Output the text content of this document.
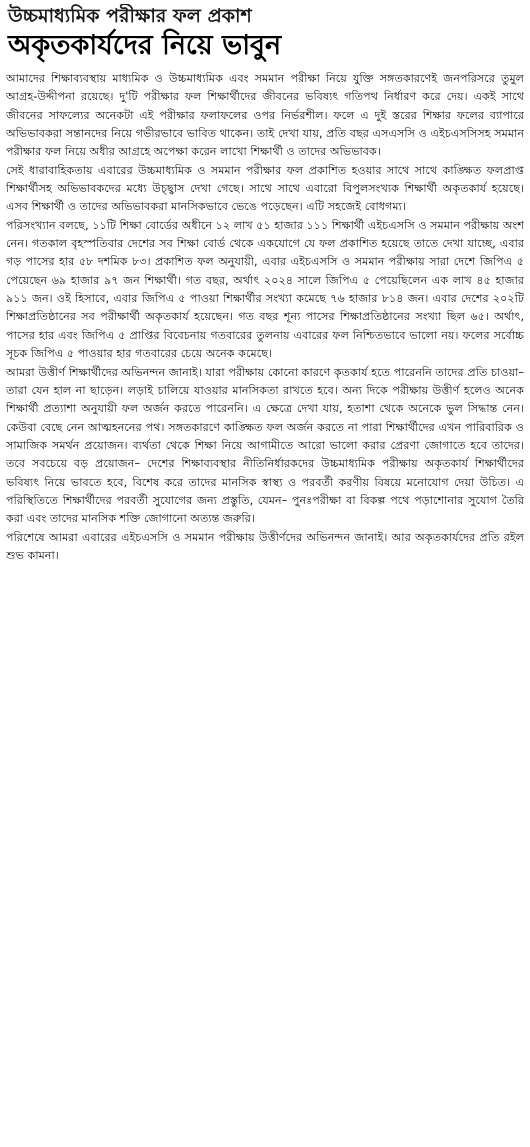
উচ্চমাধ্যমিক পরীক্ষার ফল প্রকাশ
অকৃতকার্যদের নিয়ে ভাবুন

আমাদের শিক্ষাব্যবস্থায় মাধ্যমিক ও উচ্চমাধ্যমিক এবং সমমান পরীক্ষা নিয়ে যুক্তি সঙ্গতকারণেই জনপরিসরে তুমুল আগ্রহ-উদ্দীপনা রয়েছে। দু'টি পরীক্ষার ফল শিক্ষার্থীদের জীবনের ভবিষ্যৎ গতিপথ নির্ধারণ করে দেয়। একই সাথে জীবনের সাফল্যের অনেকটা এই পরীক্ষার ফলাফলের ওপর নির্ভরশীল। ফলে এ দুই স্তরের শিক্ষার ফলের ব্যাপারে অভিভাবকরা সন্তানদের নিয়ে গভীরভাবে ভাবিত থাকেন। তাই দেখা যায়, প্রতি বছর এসএসসি ও এইচএসসিসহ সমমান পরীক্ষার ফল নিয়ে অধীর আগ্রহে অপেক্ষা করেন লাখো শিক্ষার্থী ও তাদের অভিভাবক।

সেই ধারাবাহিকতায় এবারের উচ্চমাধ্যমিক ও সমমান পরীক্ষার ফল প্রকাশিত হওয়ার সাথে সাথে কাঙ্ক্ষিত ফলপ্রাপ্ত শিক্ষার্থীসহ অভিভাবকদের মধ্যে উচ্ছ্বাস দেখা গেছে। সাথে সাথে এবারো বিপুলসংখ্যক শিক্ষার্থী অকৃতকার্য হয়েছে। এসব শিক্ষার্থী ও তাদের অভিভাবকরা মানসিকভাবে ভেঙে পড়েছেন। এটি সহজেই বোধগম্য।

পরিসংখ্যান বলছে, ১১টি শিক্ষা বোর্ডের অধীনে ১২ লাখ ৫১ হাজার ১১১ শিক্ষার্থী এইচএসসি ও সমমান পরীক্ষায় অংশ নেন। গতকাল বৃহস্পতিবার দেশের সব শিক্ষা বোর্ড থেকে একযোগে যে ফল প্রকাশিত হয়েছে তাতে দেখা যাচ্ছে, এবার গড় পাসের হার ৫৮ দশমিক ৮৩। প্রকাশিত ফল অনুযায়ী, এবার এইচএসসি ও সমমান পরীক্ষায় সারা দেশে জিপিএ ৫ পেয়েছেন ৬৯ হাজার ৯৭ জন শিক্ষার্থী। গত বছর, অর্থাৎ ২০২৪ সালে জিপিএ ৫ পেয়েছিলেন এক লাখ ৪৫ হাজার ৯১১ জন। ওই হিসাবে, এবার জিপিএ ৫ পাওয়া শিক্ষার্থীর সংখ্যা কমেছে ৭৬ হাজার ৮১৪ জন। এবার দেশের ২০২টি শিক্ষাপ্রতিষ্ঠানের সব পরীক্ষার্থী অকৃতকার্য হয়েছেন। গত বছর শূন্য পাসের শিক্ষাপ্রতিষ্ঠানের সংখ্যা ছিল ৬৫। অর্থাৎ, পাসের হার এবং জিপিএ ৫ প্রাপ্তির বিবেচনায় গতবারের তুলনায় এবারের ফল নিশ্চিতভাবে ভালো নয়। ফলের সর্বোচ্চ সূচক জিপিএ ৫ পাওয়ার হার গতবারের চেয়ে অনেক কমেছে।

আমরা উত্তীর্ণ শিক্ষার্থীদের অভিনন্দন জানাই। যারা পরীক্ষায় কোনো কারণে কৃতকার্য হতে পারেননি তাদের প্রতি চাওয়া– তারা যেন হাল না ছাড়েন। লড়াই চালিয়ে যাওয়ার মানসিকতা রাখতে হবে। অন্য দিকে পরীক্ষায় উত্তীর্ণ হলেও অনেক শিক্ষার্থী প্রত্যাশা অনুযায়ী ফল অর্জন করতে পারেননি। এ ক্ষেত্রে দেখা যায়, হতাশা থেকে অনেকে ভুল সিদ্ধান্ত নেন। কেউবা বেছে নেন আত্মহননের পথ। সঙ্গতকারণে কাঙ্ক্ষিত ফল অর্জন করতে না পারা শিক্ষার্থীদের এখন পারিবারিক ও সামাজিক সমর্থন প্রয়োজন। ব্যর্থতা থেকে শিক্ষা নিয়ে আগামীতে আরো ভালো করার প্রেরণা জোগাতে হবে তাদের। তবে সবচেয়ে বড় প্রয়োজন– দেশের শিক্ষাব্যবস্থার নীতিনির্ধারকদের উচ্চমাধ্যমিক পরীক্ষায় অকৃতকার্য শিক্ষার্থীদের ভবিষ্যৎ নিয়ে ভাবতে হবে, বিশেষ করে তাদের মানসিক স্বাস্থ্য ও পরবর্তী করণীয় বিষয়ে মনোযোগ দেয়া উচিত। এ পরিস্থিতিতে শিক্ষার্থীদের পরবর্তী সুযোগের জন্য প্রস্তুতি, যেমন– পুনঃপরীক্ষা বা বিকল্প পথে পড়াশোনার সুযোগ তৈরি করা এবং তাদের মানসিক শক্তি জোগানো অত্যন্ত জরুরি।

পরিশেষে আমরা এবারের এইচএসসি ও সমমান পরীক্ষায় উত্তীর্ণদের অভিনন্দন জানাই। আর অকৃতকার্যদের প্রতি রইল শুভ কামনা।
